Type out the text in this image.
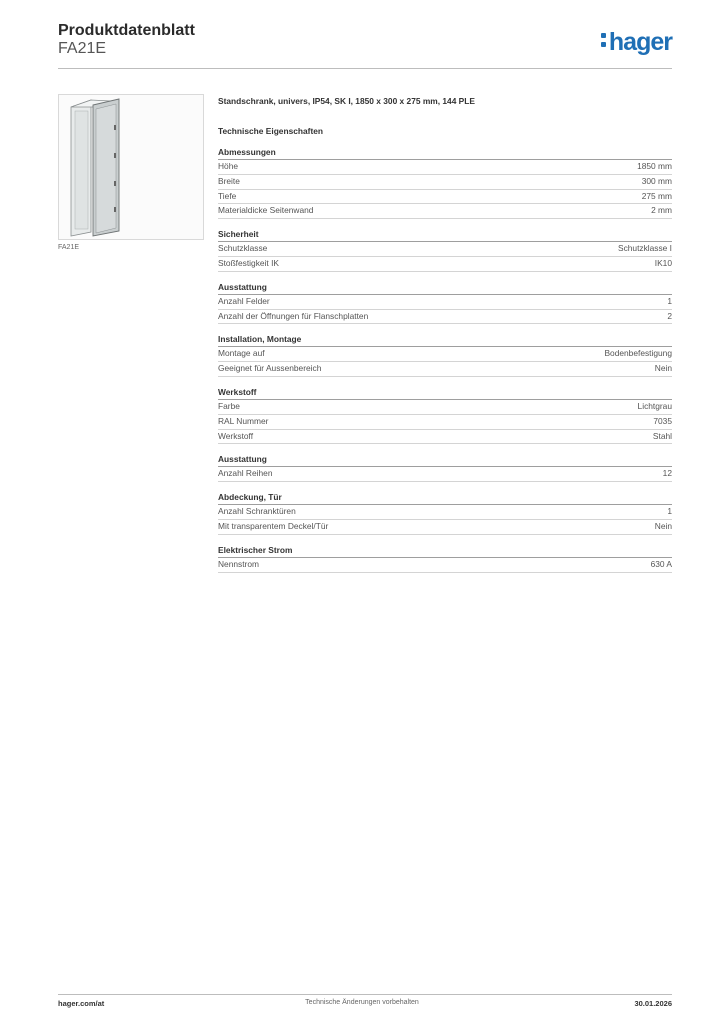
Produktdatenblatt
FA21E	hager
FA21E
Standschrank, univers, IP54, SK I, 1850 x 300 x 275 mm, 144 PLE
Technische Eigenschaften
Abmessungen
Höhe	1850 mm
Breite	300 mm
Tiefe	275 mm
Materialdicke Seitenwand	2 mm
Sicherheit
Schutzklasse	Schutzklasse I
Stoßfestigkeit IK	IK10
Ausstattung
Anzahl Felder	1
Anzahl der Öffnungen für Flanschplatten	2
Installation, Montage
Montage auf	Bodenbefestigung
Geeignet für Aussenbereich	Nein
Werkstoff
Farbe	Lichtgrau
RAL Nummer	7035
Werkstoff	Stahl
Ausstattung
Anzahl Reihen	12
Abdeckung, Tür
Anzahl Schranktüren	1
Mit transparentem Deckel/Tür	Nein
Elektrischer Strom
Nennstrom	630 A
hager.com/at	Technische Änderungen vorbehalten	30.01.2026
